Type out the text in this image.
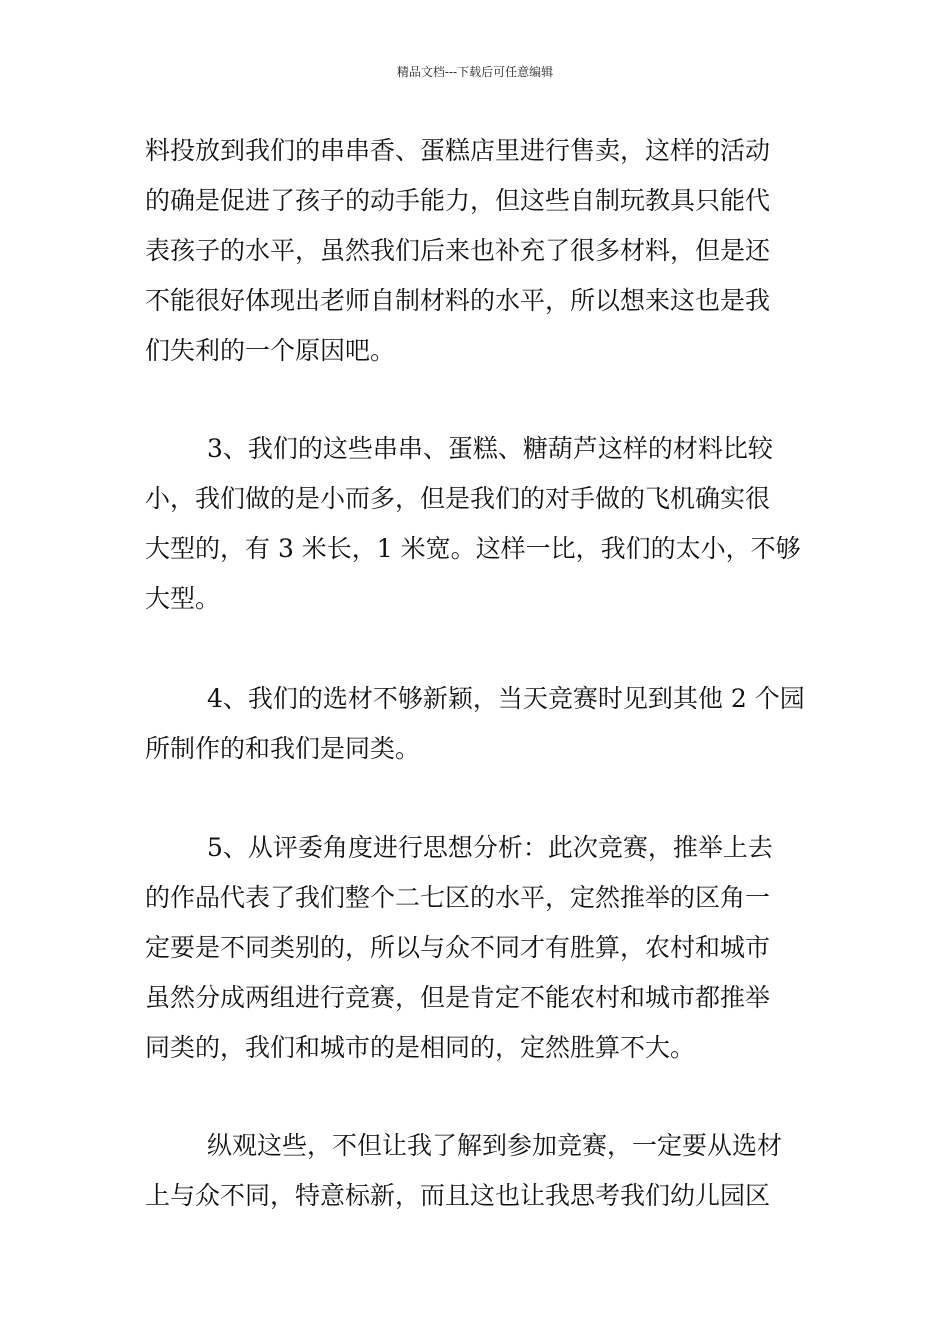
精品文档---下载后可任意编辑
料投放到我们的串串香、蛋糕店里进行售卖，这样的活动
的确是促进了孩子的动手能力，但这些自制玩教具只能代
表孩子的水平，虽然我们后来也补充了很多材料，但是还
不能很好体现出老师自制材料的水平，所以想来这也是我
们失利的一个原因吧。
3、我们的这些串串、蛋糕、糖葫芦这样的材料比较
小，我们做的是小而多，但是我们的对手做的飞机确实很
大型的，有 3 米长，1 米宽。这样一比，我们的太小，不够
大型。
4、我们的选材不够新颖，当天竞赛时见到其他 2 个园
所制作的和我们是同类。
5、从评委角度进行思想分析：此次竞赛，推举上去
的作品代表了我们整个二七区的水平，定然推举的区角一
定要是不同类别的，所以与众不同才有胜算，农村和城市
虽然分成两组进行竞赛，但是肯定不能农村和城市都推举
同类的，我们和城市的是相同的，定然胜算不大。
纵观这些，不但让我了解到参加竞赛，一定要从选材
上与众不同，特意标新，而且这也让我思考我们幼儿园区
